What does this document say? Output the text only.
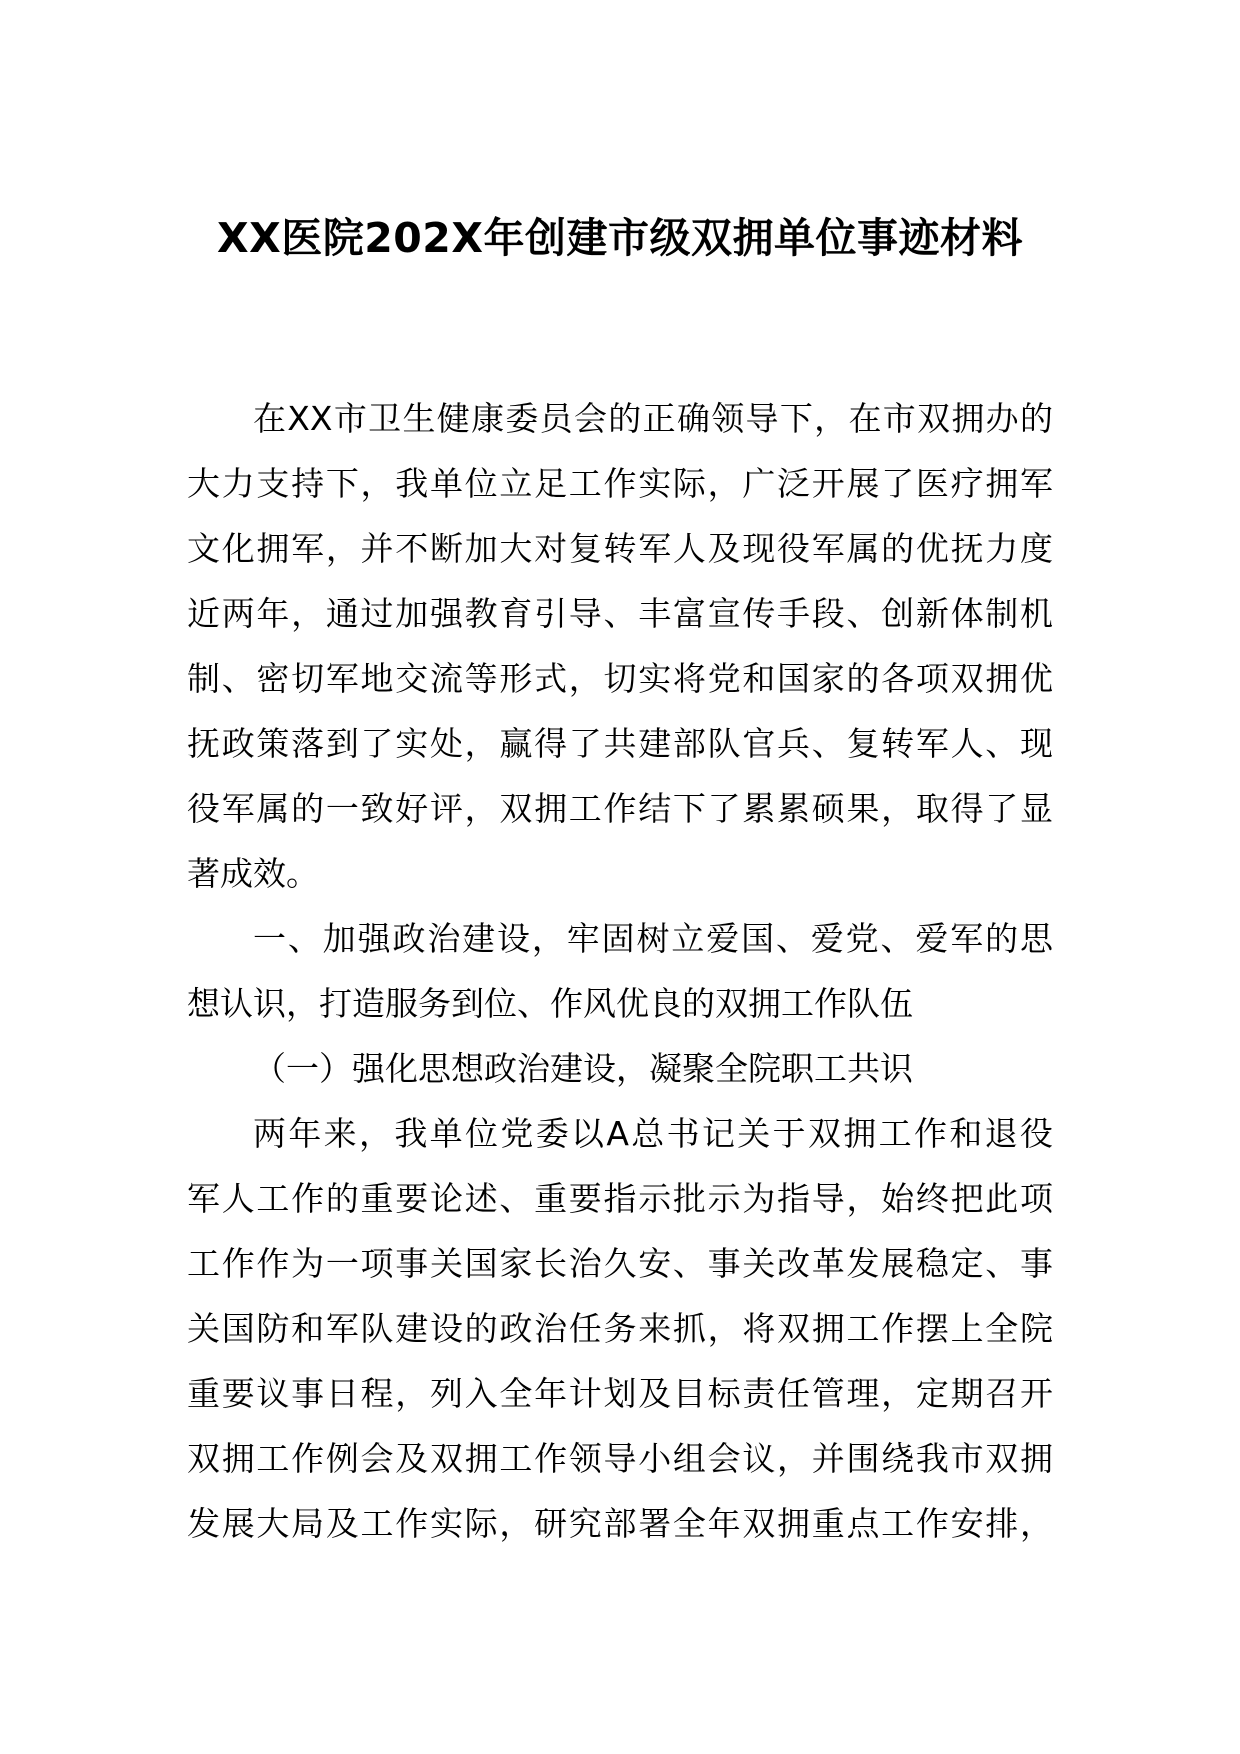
XX医院202X年创建市级双拥单位事迹材料
在XX市卫生健康委员会的正确领导下，在市双拥办的
大力支持下，我单位立足工作实际，广泛开展了医疗拥军
文化拥军，并不断加大对复转军人及现役军属的优抚力度
近两年，通过加强教育引导、丰富宣传手段、创新体制机
制、密切军地交流等形式，切实将党和国家的各项双拥优
抚政策落到了实处，赢得了共建部队官兵、复转军人、现
役军属的一致好评，双拥工作结下了累累硕果，取得了显
著成效。
一、加强政治建设，牢固树立爱国、爱党、爱军的思
想认识，打造服务到位、作风优良的双拥工作队伍
（一）强化思想政治建设，凝聚全院职工共识
两年来，我单位党委以A总书记关于双拥工作和退役
军人工作的重要论述、重要指示批示为指导，始终把此项
工作作为一项事关国家长治久安、事关改革发展稳定、事
关国防和军队建设的政治任务来抓，将双拥工作摆上全院
重要议事日程，列入全年计划及目标责任管理，定期召开
双拥工作例会及双拥工作领导小组会议，并围绕我市双拥
发展大局及工作实际，研究部署全年双拥重点工作安排，
